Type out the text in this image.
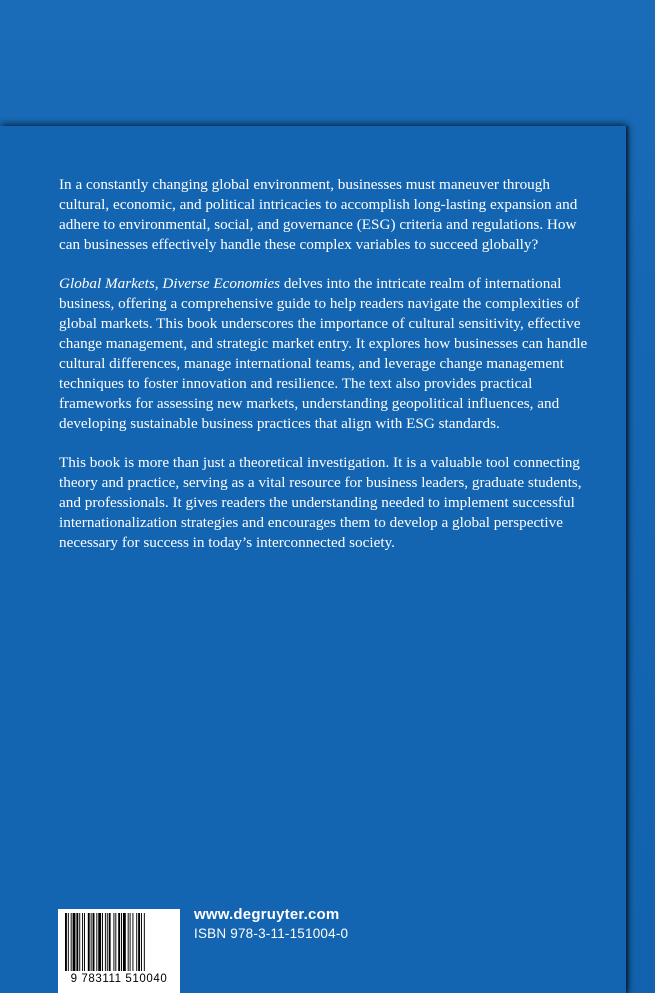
In a constantly changing global environment, businesses must maneuver through cultural, economic, and political intricacies to accomplish long-lasting expansion and adhere to environmental, social, and governance (ESG) criteria and regulations. How can businesses effectively handle these complex variables to succeed globally?

Global Markets, Diverse Economies delves into the intricate realm of international business, offering a comprehensive guide to help readers navigate the complexities of global markets. This book underscores the importance of cultural sensitivity, effective change management, and strategic market entry. It explores how businesses can handle cultural differences, manage international teams, and leverage change management techniques to foster innovation and resilience. The text also provides practical frameworks for assessing new markets, understanding geopolitical influences, and developing sustainable business practices that align with ESG standards.

This book is more than just a theoretical investigation. It is a valuable tool connecting theory and practice, serving as a vital resource for business leaders, graduate students, and professionals. It gives readers the understanding needed to implement successful internationalization strategies and encourages them to develop a global perspective necessary for success in today’s interconnected society.

9 783111 510040
www.degruyter.com
ISBN 978-3-11-151004-0
